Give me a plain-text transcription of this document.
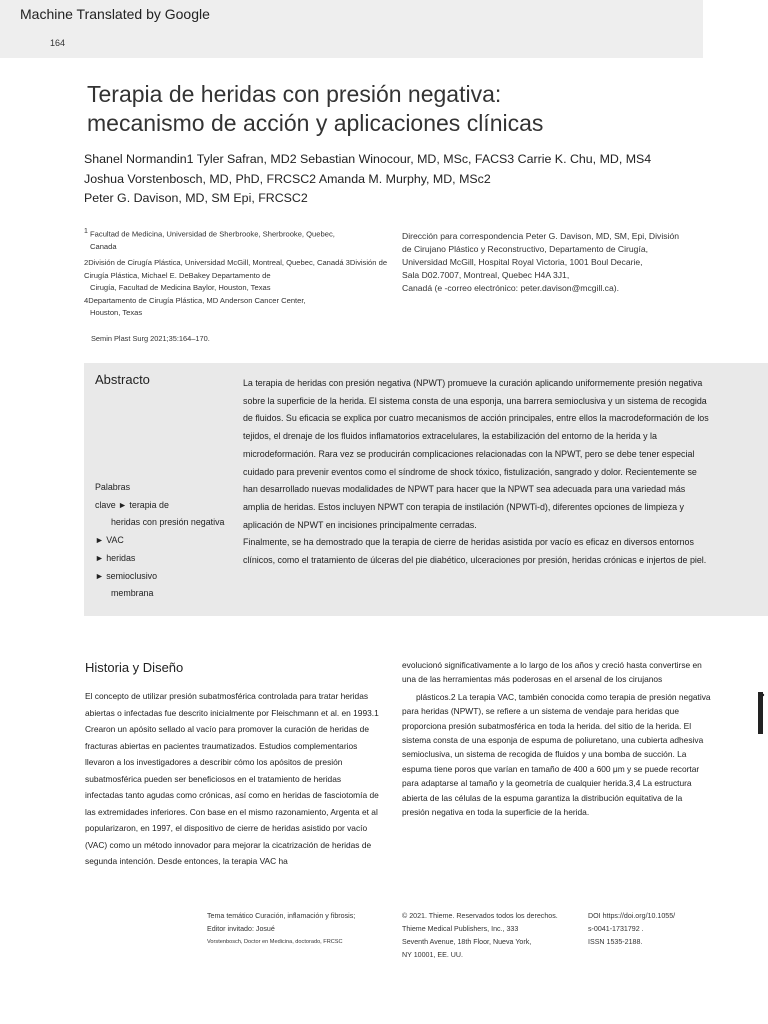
Machine Translated by Google
164
Terapia de heridas con presión negativa:
mecanismo de acción y aplicaciones clínicas
Shanel Normandin1 Tyler Safran, MD2 Sebastian Winocour, MD, MSc, FACS3 Carrie K. Chu, MD, MS4
Joshua Vorstenbosch, MD, PhD, FRCSC2 Amanda M. Murphy, MD, MSc2
Peter G. Davison, MD, SM Epi, FRCSC2

$^1$ Facultad de Medicina, Universidad de Sherbrooke, Sherbrooke, Quebec,

Canada

2División de Cirugía Plástica, Universidad McGill, Montreal, Quebec, Canadá 3División de

Cirugía Plástica, Michael E. DeBakey Departamento de

Cirugía, Facultad de Medicina Baylor, Houston, Texas

4Departamento de Cirugía Plástica, MD Anderson Cancer Center,

Houston, Texas

Dirección para correspondencia Peter G. Davison, MD, SM, Epi, División
de Cirujano Plástico y Reconstructivo, Departamento de Cirugía,
Universidad McGill, Hospital Royal Victoria, 1001 Boul Decarie,
Sala D02.7007, Montreal, Quebec H4A 3J1,
Canadá (e -correo electrónico: peter.davison@mcgill.ca).
Semin Plast Surg 2021;35:164–170.
Abstracto	La terapia de heridas con presión negativa (NPWT) promueve la curación aplicando uniformemente presión negativa sobre la superficie de la herida. El sistema consta de una esponja, una barrera semioclusiva y un sistema de recogida de fluidos. Su eficacia se explica por cuatro mecanismos de acción principales, entre ellos la macrodeformación de los tejidos, el drenaje de los fluidos inflamatorios extracelulares, la estabilización del entorno de la herida y la microdeformación. Rara vez se producirán complicaciones relacionadas con la NPWT, pero se debe tener especial cuidado para prevenir eventos como el síndrome de shock tóxico, fistulización, sangrado y dolor. Recientemente se han desarrollado nuevas modalidades de NPWT para hacer que la NPWT sea adecuada para una variedad más amplia de heridas. Estos incluyen NPWT con terapia de instilación (NPWTi-d), diferentes opciones de limpieza y aplicación de NPWT en incisiones principalmente cerradas.

Finalmente, se ha demostrado que la terapia de cierre de heridas asistida por vacío es eficaz en diversos entornos clínicos, como el tratamiento de úlceras del pie diabético, ulceraciones por presión, heridas crónicas e injertos de piel.

Palabras
clave ► terapia de
heridas con presión negativa
► VAC
► heridas
► semioclusivo
membrana
Historia y Diseño
El concepto de utilizar presión subatmosférica controlada para tratar heridas abiertas o infectadas fue descrito inicialmente por Fleischmann et al. en 1993.1 Crearon un apósito sellado al vacío para promover la curación de heridas de fracturas abiertas en pacientes traumatizados. Estudios complementarios llevaron a los investigadores a describir cómo los apósitos de presión subatmosférica pueden ser beneficiosos en el tratamiento de heridas infectadas tanto agudas como crónicas, así como en heridas de fasciotomía de las extremidades inferiores. Con base en el mismo razonamiento, Argenta et al popularizaron, en 1997, el dispositivo de cierre de heridas asistido por vacío (VAC) como un método innovador para mejorar la cicatrización de heridas de segunda intención. Desde entonces, la terapia VAC ha

evolucionó significativamente a lo largo de los años y creció hasta convertirse en una de las herramientas más poderosas en el arsenal de los cirujanos

plásticos.2 La terapia VAC, también conocida como terapia de presión negativa para heridas (NPWT), se refiere a un sistema de vendaje para heridas que proporciona presión subatmosférica en toda la herida. del sitio de la herida. El sistema consta de una esponja de espuma de poliuretano, una cubierta adhesiva semioclusiva, un sistema de recogida de fluidos y una bomba de succión. La espuma tiene poros que varían en tamaño de 400 a 600 μm y se puede recortar para adaptarse al tamaño y la geometría de cualquier herida.3,4 La estructura abierta de las células de la espuma garantiza la distribución equitativa de la presión negativa en toda la superficie de la herida.

Tema temático Curación, inflamación y fibrosis;
Editor invitado: Josué
Vorstenbosch, Doctor en Medicina, doctorado, FRCSC
© 2021. Thieme. Reservados todos los derechos.
Thieme Medical Publishers, Inc., 333
Seventh Avenue, 18th Floor, Nueva York,
NY 10001, EE. UU.
DOI https://doi.org/10.1055/
s-0041-1731792 .
ISSN 1535-2188.
